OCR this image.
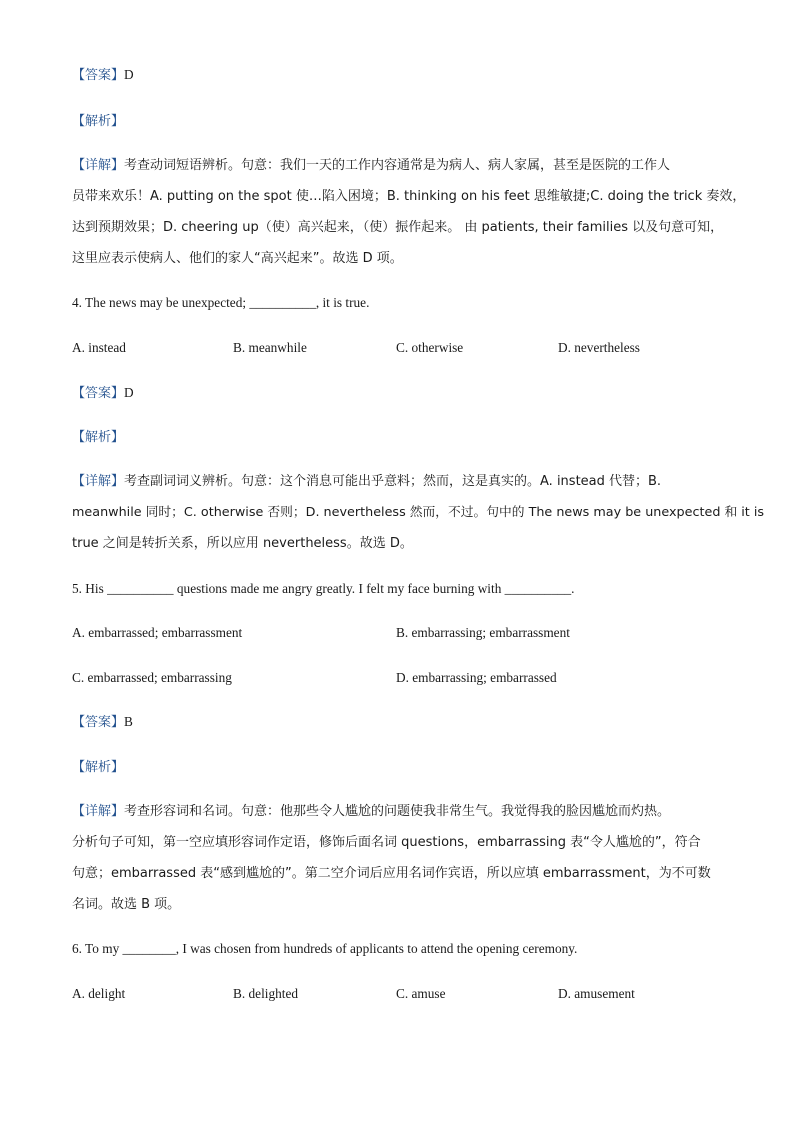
【答案】D

【解析】

【详解】考查动词短语辨析。句意：我们一天的工作内容通常是为病人、病人家属，甚至是医院的工作人

员带来欢乐！A. putting on the spot 使…陷入困境；B. thinking on his feet 思维敏捷;C. doing the trick 奏效，

达到预期效果；D. cheering up（使）高兴起来，（使）振作起来。 由 patients, their families 以及句意可知，

这里应表示使病人、他们的家人“高兴起来”。故选 D 项。

4. The news may be unexpected; __________, it is true.

A. instead	B. meanwhile	C. otherwise	D. nevertheless

【答案】D

【解析】

【详解】考查副词词义辨析。句意：这个消息可能出乎意料；然而，这是真实的。A. instead 代替；B.

meanwhile 同时；C. otherwise 否则；D. nevertheless 然而，不过。句中的 The news may be unexpected 和 it is

true 之间是转折关系，所以应用 nevertheless。故选 D。

5. His __________ questions made me angry greatly. I felt my face burning with __________.

A. embarrassed; embarrassment	B. embarrassing; embarrassment

C. embarrassed; embarrassing	D. embarrassing; embarrassed

【答案】B

【解析】

【详解】考查形容词和名词。句意：他那些令人尴尬的问题使我非常生气。我觉得我的脸因尴尬而灼热。

分析句子可知，第一空应填形容词作定语，修饰后面名词 questions，embarrassing 表“令人尴尬的”，符合

句意；embarrassed 表“感到尴尬的”。第二空介词后应用名词作宾语，所以应填 embarrassment，为不可数

名词。故选 B 项。

6. To my ________, I was chosen from hundreds of applicants to attend the opening ceremony.

A. delight	B. delighted	C. amuse	D. amusement
